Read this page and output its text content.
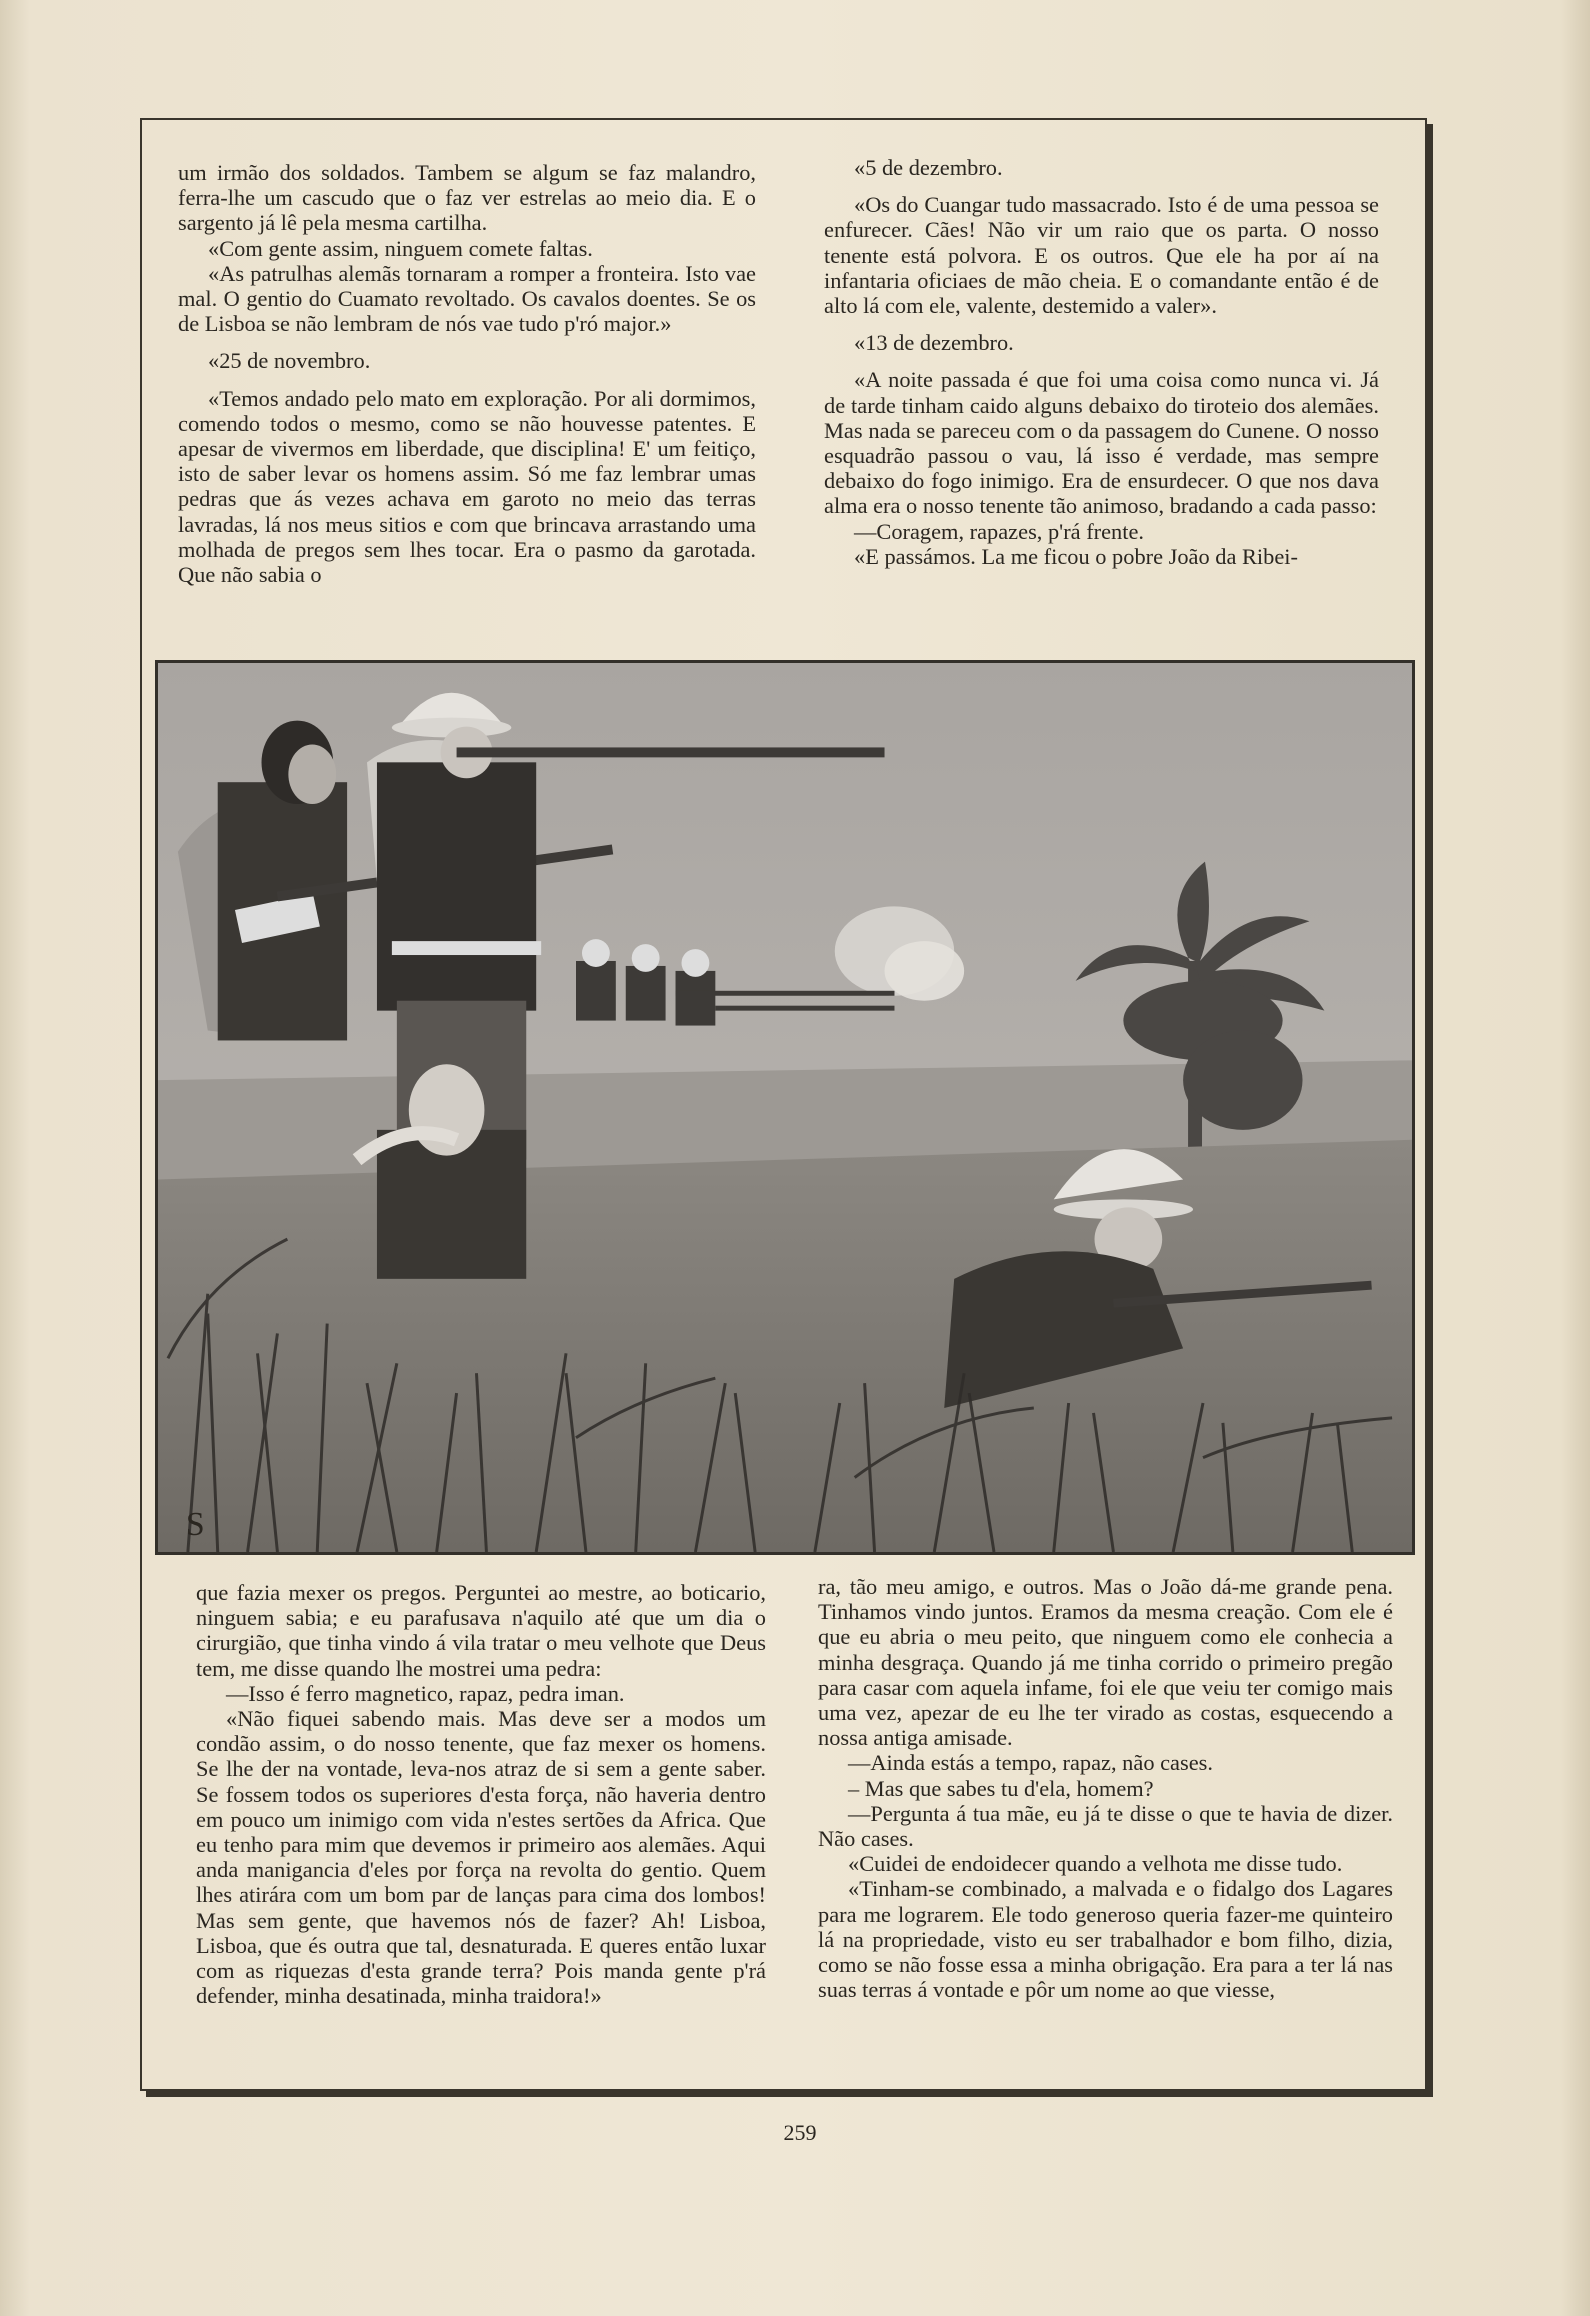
um irmão dos soldados. Tambem se algum se faz malandro, ferra-lhe um cascudo que o faz ver estrelas ao meio dia. E o sargento já lê pela mesma cartilha.

«Com gente assim, ninguem comete faltas.

«As patrulhas alemãs tornaram a romper a fronteira. Isto vae mal. O gentio do Cuamato revoltado. Os cavalos doentes. Se os de Lisboa se não lembram de nós vae tudo p'ró major.»

«25 de novembro.

«Temos andado pelo mato em exploração. Por ali dormimos, comendo todos o mesmo, como se não houvesse patentes. E apesar de vivermos em liberdade, que disciplina! E' um feitiço, isto de saber levar os homens assim. Só me faz lembrar umas pedras que ás vezes achava em garoto no meio das terras lavradas, lá nos meus sitios e com que brincava arrastando uma molhada de pregos sem lhes tocar. Era o pasmo da garotada. Que não sabia o

«5 de dezembro.

«Os do Cuangar tudo massacrado. Isto é de uma pessoa se enfurecer. Cães! Não vir um raio que os parta. O nosso tenente está polvora. E os outros. Que ele ha por aí na infantaria oficiaes de mão cheia. E o comandante então é de alto lá com ele, valente, destemido a valer».

«13 de dezembro.

«A noite passada é que foi uma coisa como nunca vi. Já de tarde tinham caido alguns debaixo do tiroteio dos alemães. Mas nada se pareceu com o da passagem do Cunene. O nosso esquadrão passou o vau, lá isso é verdade, mas sempre debaixo do fogo inimigo. Era de ensurdecer. O que nos dava alma era o nosso tenente tão animoso, bradando a cada passo:

—Coragem, rapazes, p'rá frente.

«E passámos. La me ficou o pobre João da Ribei-

S

que fazia mexer os pregos. Perguntei ao mestre, ao boticario, ninguem sabia; e eu parafusava n'aquilo até que um dia o cirurgião, que tinha vindo á vila tratar o meu velhote que Deus tem, me disse quando lhe mostrei uma pedra:

—Isso é ferro magnetico, rapaz, pedra iman.

«Não fiquei sabendo mais. Mas deve ser a modos um condão assim, o do nosso tenente, que faz mexer os homens. Se lhe der na vontade, leva-nos atraz de si sem a gente saber. Se fossem todos os superiores d'esta força, não haveria dentro em pouco um inimigo com vida n'estes sertões da Africa. Que eu tenho para mim que devemos ir primeiro aos alemães. Aqui anda manigancia d'eles por força na revolta do gentio. Quem lhes atirára com um bom par de lanças para cima dos lombos! Mas sem gente, que havemos nós de fazer? Ah! Lisboa, Lisboa, que és outra que tal, desnaturada. E queres então luxar com as riquezas d'esta grande terra? Pois manda gente p'rá defender, minha desatinada, minha traidora!»

ra, tão meu amigo, e outros. Mas o João dá-me grande pena. Tinhamos vindo juntos. Eramos da mesma creação. Com ele é que eu abria o meu peito, que ninguem como ele conhecia a minha desgraça. Quando já me tinha corrido o primeiro pregão para casar com aquela infame, foi ele que veiu ter comigo mais uma vez, apezar de eu lhe ter virado as costas, esquecendo a nossa antiga amisade.

—Ainda estás a tempo, rapaz, não cases.

– Mas que sabes tu d'ela, homem?

—Pergunta á tua mãe, eu já te disse o que te havia de dizer. Não cases.

«Cuidei de endoidecer quando a velhota me disse tudo.

«Tinham-se combinado, a malvada e o fidalgo dos Lagares para me lograrem. Ele todo generoso queria fazer-me quinteiro lá na propriedade, visto eu ser trabalhador e bom filho, dizia, como se não fosse essa a minha obrigação. Era para a ter lá nas suas terras á vontade e pôr um nome ao que viesse,

259
